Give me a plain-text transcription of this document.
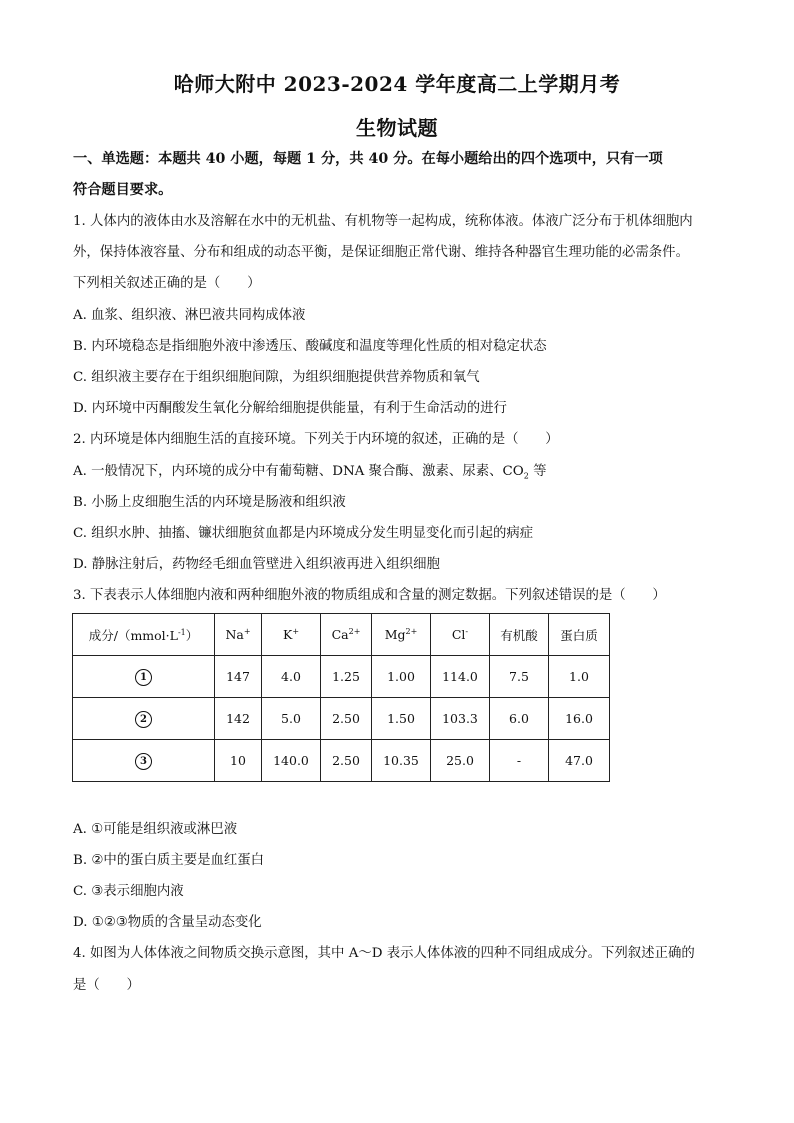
哈师大附中 2023-2024 学年度高二上学期月考
生物试题
一、单选题：本题共 40 小题，每题 1 分，共 40 分。在每小题给出的四个选项中，只有一项
符合题目要求。
1. 人体内的液体由水及溶解在水中的无机盐、有机物等一起构成，统称体液。体液广泛分布于机体细胞内
外，保持体液容量、分布和组成的动态平衡，是保证细胞正常代谢、维持各种器官生理功能的必需条件。
下列相关叙述正确的是（　　）
A. 血浆、组织液、淋巴液共同构成体液
B. 内环境稳态是指细胞外液中渗透压、酸碱度和温度等理化性质的相对稳定状态
C. 组织液主要存在于组织细胞间隙，为组织细胞提供营养物质和氧气
D. 内环境中丙酮酸发生氧化分解给细胞提供能量，有利于生命活动的进行
2. 内环境是体内细胞生活的直接环境。下列关于内环境的叙述，正确的是（　　）
A. 一般情况下，内环境的成分中有葡萄糖、DNA 聚合酶、激素、尿素、$CO_2$ 等
B. 小肠上皮细胞生活的内环境是肠液和组织液
C. 组织水肿、抽搐、镰状细胞贫血都是内环境成分发生明显变化而引起的病症
D. 静脉注射后，药物经毛细血管壁进入组织液再进入组织细胞
3. 下表表示人体细胞内液和两种细胞外液的物质组成和含量的测定数据。下列叙述错误的是（　　）
成分$/(mmol\cdot L^{-1})$	Na+	K+	$Ca^{2+}$	$Mg^{2+}$	Cl-	有机酸	蛋白质
1	147	4.0	1.25	1.00	114.0	7.5	1.0
2	142	5.0	2.50	1.50	103.3	6.0	16.0
3	10	140.0	2.50	10.35	25.0	-	47.0
A. ①可能是组织液或淋巴液
B. ②中的蛋白质主要是血红蛋白
C. ③表示细胞内液
D. ①②③物质的含量呈动态变化
4. 如图为人体体液之间物质交换示意图，其中 A～D 表示人体体液的四种不同组成成分。下列叙述正确的
是（　　）
